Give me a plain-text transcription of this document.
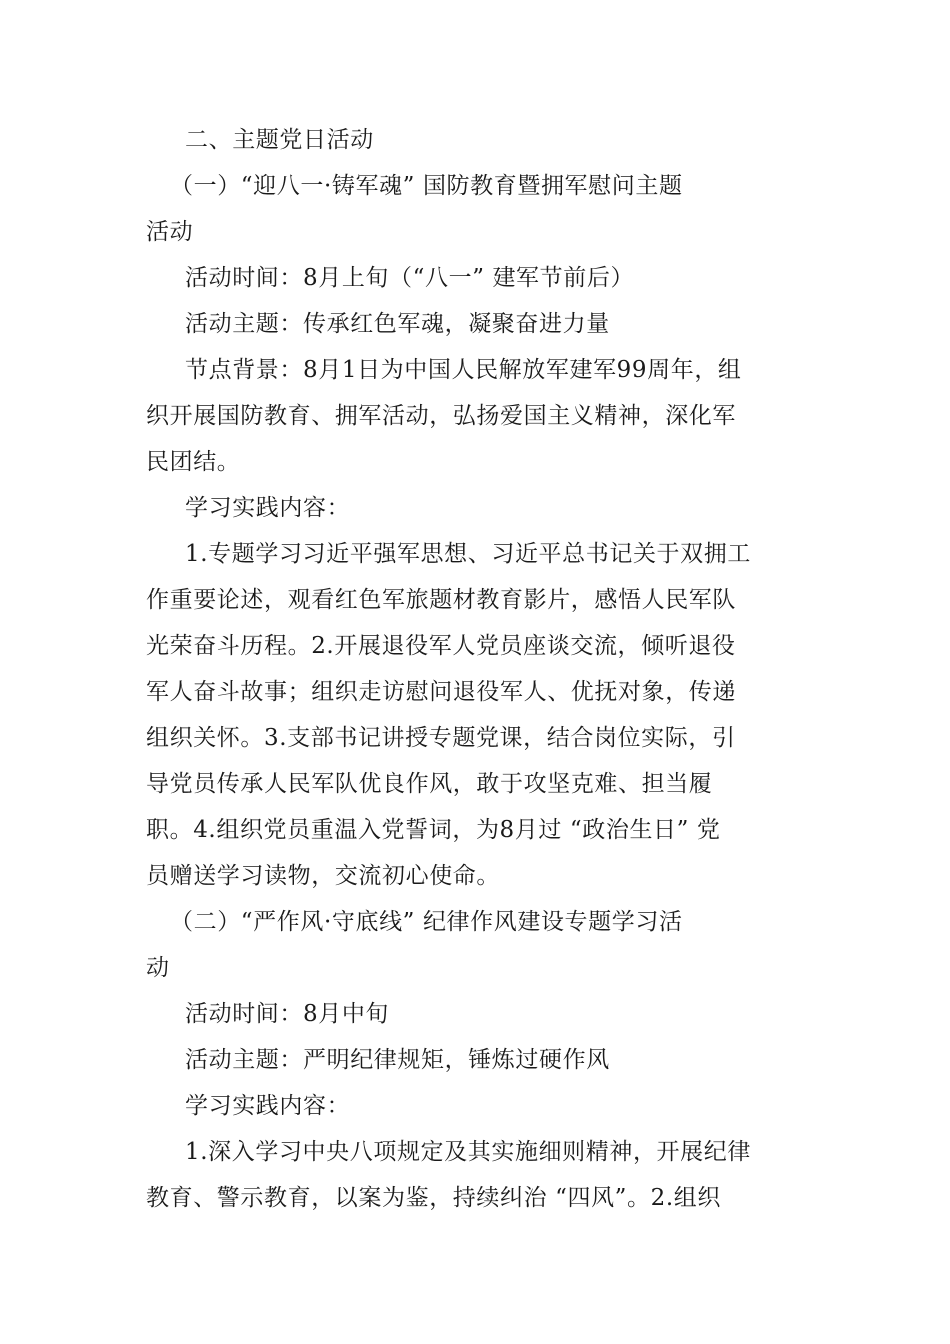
二、主题党日活动
（一）“迎八一·铸军魂” 国防教育暨拥军慰问主题
活动
活动时间：8月上旬（“八一” 建军节前后）
活动主题：传承红色军魂，凝聚奋进力量
节点背景：8月1日为中国人民解放军建军99周年，组
织开展国防教育、拥军活动，弘扬爱国主义精神，深化军
民团结。
学习实践内容：
1.专题学习习近平强军思想、习近平总书记关于双拥工
作重要论述，观看红色军旅题材教育影片，感悟人民军队
光荣奋斗历程。2.开展退役军人党员座谈交流，倾听退役
军人奋斗故事；组织走访慰问退役军人、优抚对象，传递
组织关怀。3.支部书记讲授专题党课，结合岗位实际，引
导党员传承人民军队优良作风，敢于攻坚克难、担当履
职。4.组织党员重温入党誓词，为8月过 “政治生日” 党
员赠送学习读物，交流初心使命。
（二）“严作风·守底线” 纪律作风建设专题学习活
动
活动时间：8月中旬
活动主题：严明纪律规矩，锤炼过硬作风
学习实践内容：
1.深入学习中央八项规定及其实施细则精神，开展纪律
教育、警示教育，以案为鉴，持续纠治 “四风”。2.组织
